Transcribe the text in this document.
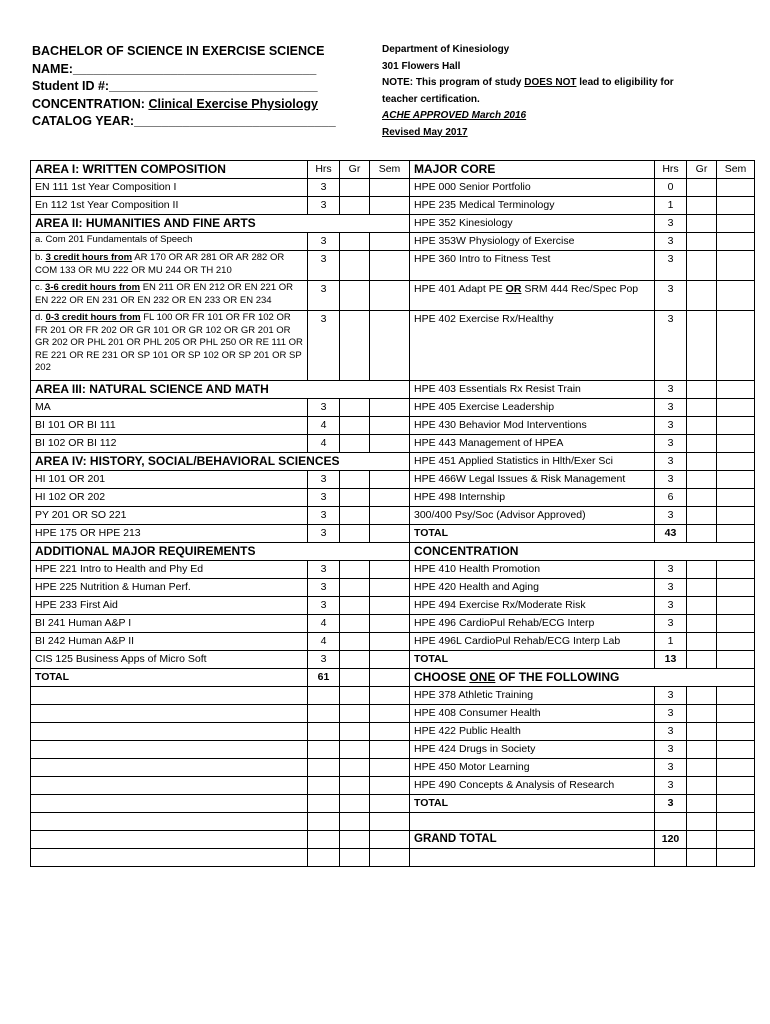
BACHELOR OF SCIENCE IN EXERCISE SCIENCE
NAME:___________________________________
Student ID #:______________________________
CONCENTRATION: Clinical Exercise Physiology
CATALOG YEAR:_____________________________
Department of Kinesiology
301 Flowers Hall
NOTE: This program of study DOES NOT lead to eligibility for
teacher certification.
ACHE APPROVED March 2016
Revised May 2017
AREA I: WRITTEN COMPOSITION	Hrs	Gr	Sem	MAJOR CORE	Hrs	Gr	Sem
EN 111 1st Year Composition I	3			HPE 000 Senior Portfolio	0		
En 112 1st Year Composition II	3			HPE 235 Medical Terminology	1		
AREA II: HUMANITIES AND FINE ARTS				HPE 352 Kinesiology	3		
a. Com 201 Fundamentals of Speech	3			HPE 353W Physiology of Exercise	3		
b. 3 credit hours from AR 170 OR AR 281 OR AR 282 OR COM 133 OR MU 222 OR MU 244 OR TH 210	3			HPE 360 Intro to Fitness Test	3		
c. 3-6 credit hours from EN 211 OR EN 212 OR EN 221 OR EN 222 OR EN 231 OR EN 232 OR EN 233 OR EN 234	3			HPE 401 Adapt PE OR SRM 444 Rec/Spec Pop	3		
d. 0-3 credit hours from FL 100 OR FR 101 OR FR 102 OR FR 201 OR FR 202 OR GR 101 OR GR 102 OR GR 201 OR GR 202 OR PHL 201 OR PHL 205 OR PHL 250 OR RE 111 OR RE 221 OR RE 231 OR SP 101 OR SP 102 OR SP 201 OR SP 202	3			HPE 402 Exercise Rx/Healthy	3		
AREA III: NATURAL SCIENCE AND MATH				HPE 403 Essentials Rx Resist Train	3		
MA	3			HPE 405 Exercise Leadership	3		
BI 101 OR BI 111	4			HPE 430 Behavior Mod Interventions	3		
BI 102 OR BI 112	4			HPE 443 Management of HPEA	3		
AREA IV: HISTORY, SOCIAL/BEHAVIORAL SCIENCES				HPE 451 Applied Statistics in Hlth/Exer Sci	3		
HI 101 OR 201	3			HPE 466W Legal Issues & Risk Management	3		
HI 102 OR 202	3			HPE 498 Internship	6		
PY 201 OR SO 221	3			300/400 Psy/Soc (Advisor Approved)	3		
HPE 175 OR HPE 213	3			TOTAL	43		
ADDITIONAL MAJOR REQUIREMENTS				CONCENTRATION			
HPE 221 Intro to Health and Phy Ed	3			HPE 410 Health Promotion	3		
HPE 225 Nutrition & Human Perf.	3			HPE 420 Health and Aging	3		
HPE 233 First Aid	3			HPE 494 Exercise Rx/Moderate Risk	3		
BI 241 Human A&P I	4			HPE 496 CardioPul Rehab/ECG Interp	3		
BI 242 Human A&P II	4			HPE 496L CardioPul Rehab/ECG Interp Lab	1		
CIS 125 Business Apps of Micro Soft	3			TOTAL	13		
TOTAL	61			CHOOSE ONE OF THE FOLLOWING			
				HPE 378 Athletic Training	3		
				HPE 408 Consumer Health	3		
				HPE 422 Public Health	3		
				HPE 424 Drugs in Society	3		
				HPE 450 Motor Learning	3		
				HPE 490 Concepts & Analysis of Research	3		
				TOTAL	3		

				GRAND TOTAL	120		
